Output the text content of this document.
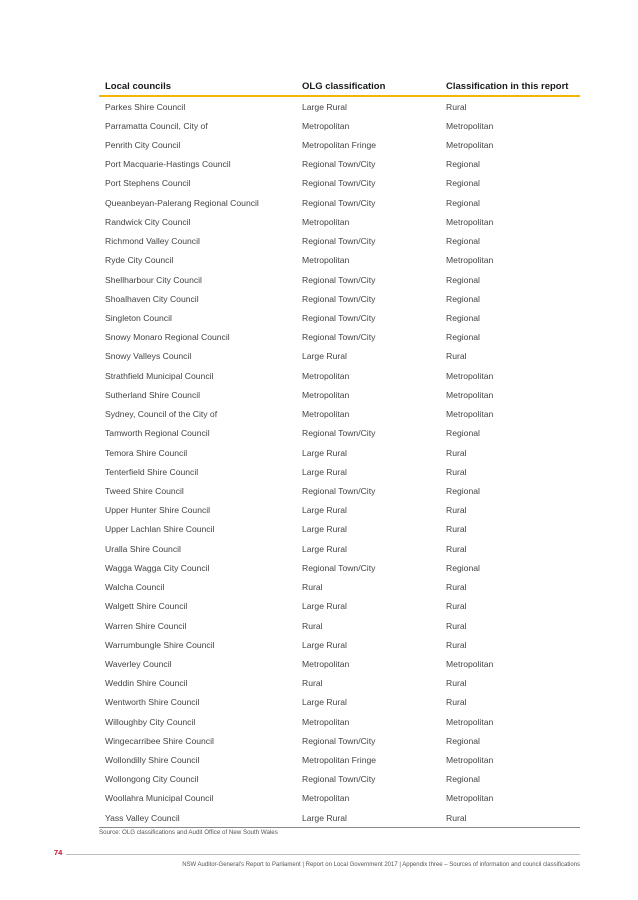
Local councils	OLG classification	Classification in this report
Parkes Shire Council	Large Rural	Rural
Parramatta Council, City of	Metropolitan	Metropolitan
Penrith City Council	Metropolitan Fringe	Metropolitan
Port Macquarie-Hastings Council	Regional Town/City	Regional
Port Stephens Council	Regional Town/City	Regional
Queanbeyan-Palerang Regional Council	Regional Town/City	Regional
Randwick City Council	Metropolitan	Metropolitan
Richmond Valley Council	Regional Town/City	Regional
Ryde City Council	Metropolitan	Metropolitan
Shellharbour City Council	Regional Town/City	Regional
Shoalhaven City Council	Regional Town/City	Regional
Singleton Council	Regional Town/City	Regional
Snowy Monaro Regional Council	Regional Town/City	Regional
Snowy Valleys Council	Large Rural	Rural
Strathfield Municipal Council	Metropolitan	Metropolitan
Sutherland Shire Council	Metropolitan	Metropolitan
Sydney, Council of the City of	Metropolitan	Metropolitan
Tamworth Regional Council	Regional Town/City	Regional
Temora Shire Council	Large Rural	Rural
Tenterfield Shire Council	Large Rural	Rural
Tweed Shire Council	Regional Town/City	Regional
Upper Hunter Shire Council	Large Rural	Rural
Upper Lachlan Shire Council	Large Rural	Rural
Uralla Shire Council	Large Rural	Rural
Wagga Wagga City Council	Regional Town/City	Regional
Walcha Council	Rural	Rural
Walgett Shire Council	Large Rural	Rural
Warren Shire Council	Rural	Rural
Warrumbungle Shire Council	Large Rural	Rural
Waverley Council	Metropolitan	Metropolitan
Weddin Shire Council	Rural	Rural
Wentworth Shire Council	Large Rural	Rural
Willoughby City Council	Metropolitan	Metropolitan
Wingecarribee Shire Council	Regional Town/City	Regional
Wollondilly Shire Council	Metropolitan Fringe	Metropolitan
Wollongong City Council	Regional Town/City	Regional
Woollahra Municipal Council	Metropolitan	Metropolitan
Yass Valley Council	Large Rural	Rural
Source: OLG classifications and Audit Office of New South Wales
74
NSW Auditor-General's Report to Parliament | Report on Local Government 2017 | Appendix three – Sources of information and council classifications
